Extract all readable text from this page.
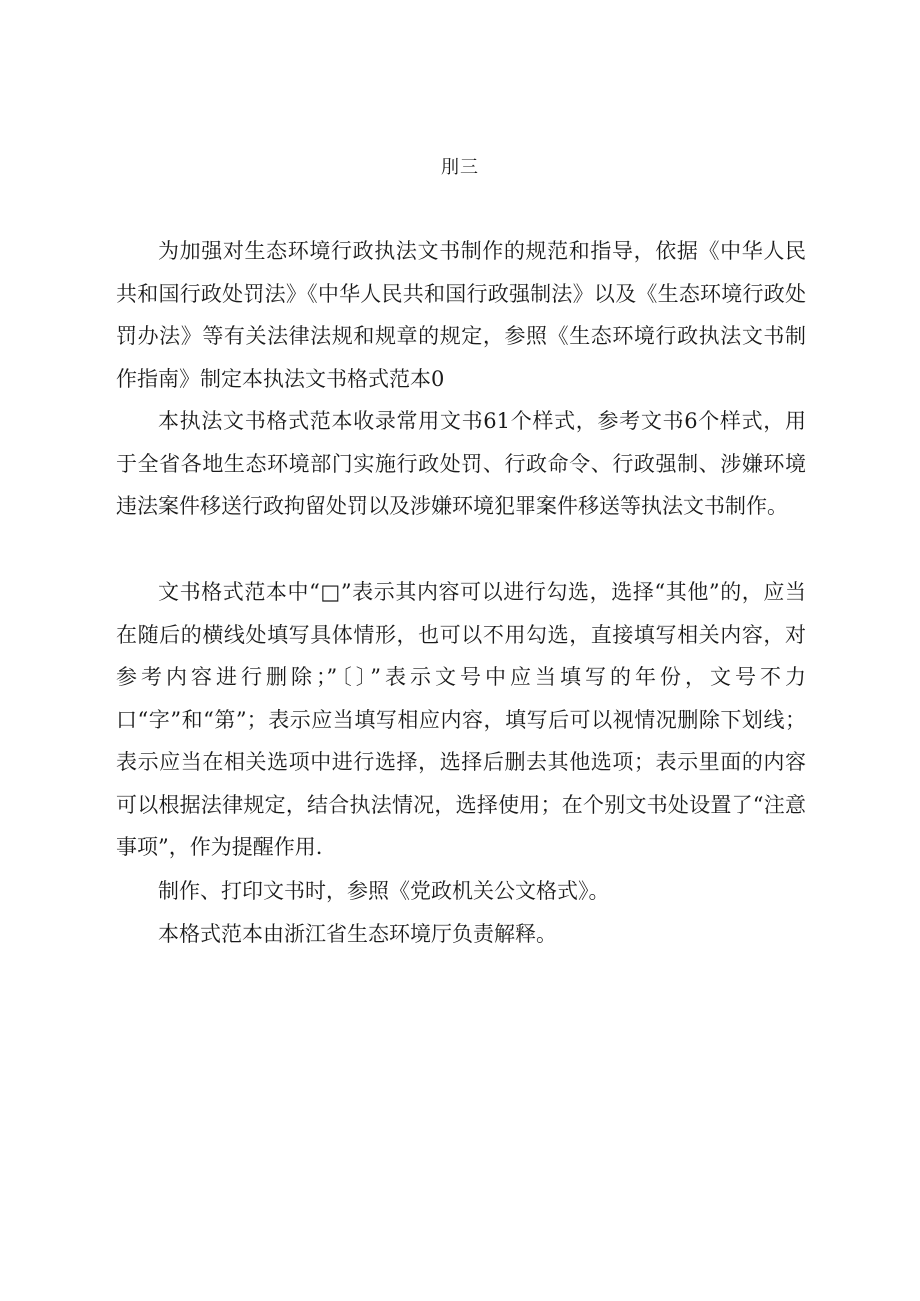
刖三

为加强对生态环境行政执法文书制作的规范和指导，依据《中华人民共和国行政处罚法》《中华人民共和国行政强制法》以及《生态环境行政处罚办法》等有关法律法规和规章的规定，参照《生态环境行政执法文书制作指南》制定本执法文书格式范本0

本执法文书格式范本收录常用文书61个样式，参考文书6个样式，用于全省各地生态环境部门实施行政处罚、行政命令、行政强制、涉嫌环境违法案件移送行政拘留处罚以及涉嫌环境犯罪案件移送等执法文书制作。

文书格式范本中“□”表示其内容可以进行勾选，选择“其他”的，应当在随后的横线处填写具体情形，也可以不用勾选，直接填写相关内容，对参考内容进行删除；”〔〕”表示文号中应当填写的年份，文号不力口“字”和“第”；表示应当填写相应内容，填写后可以视情况删除下划线；表示应当在相关选项中进行选择，选择后删去其他选项；表示里面的内容可以根据法律规定，结合执法情况，选择使用；在个别文书处设置了“注意事项”，作为提醒作用.

制作、打印文书时，参照《党政机关公文格式》。

本格式范本由浙江省生态环境厅负责解释。
